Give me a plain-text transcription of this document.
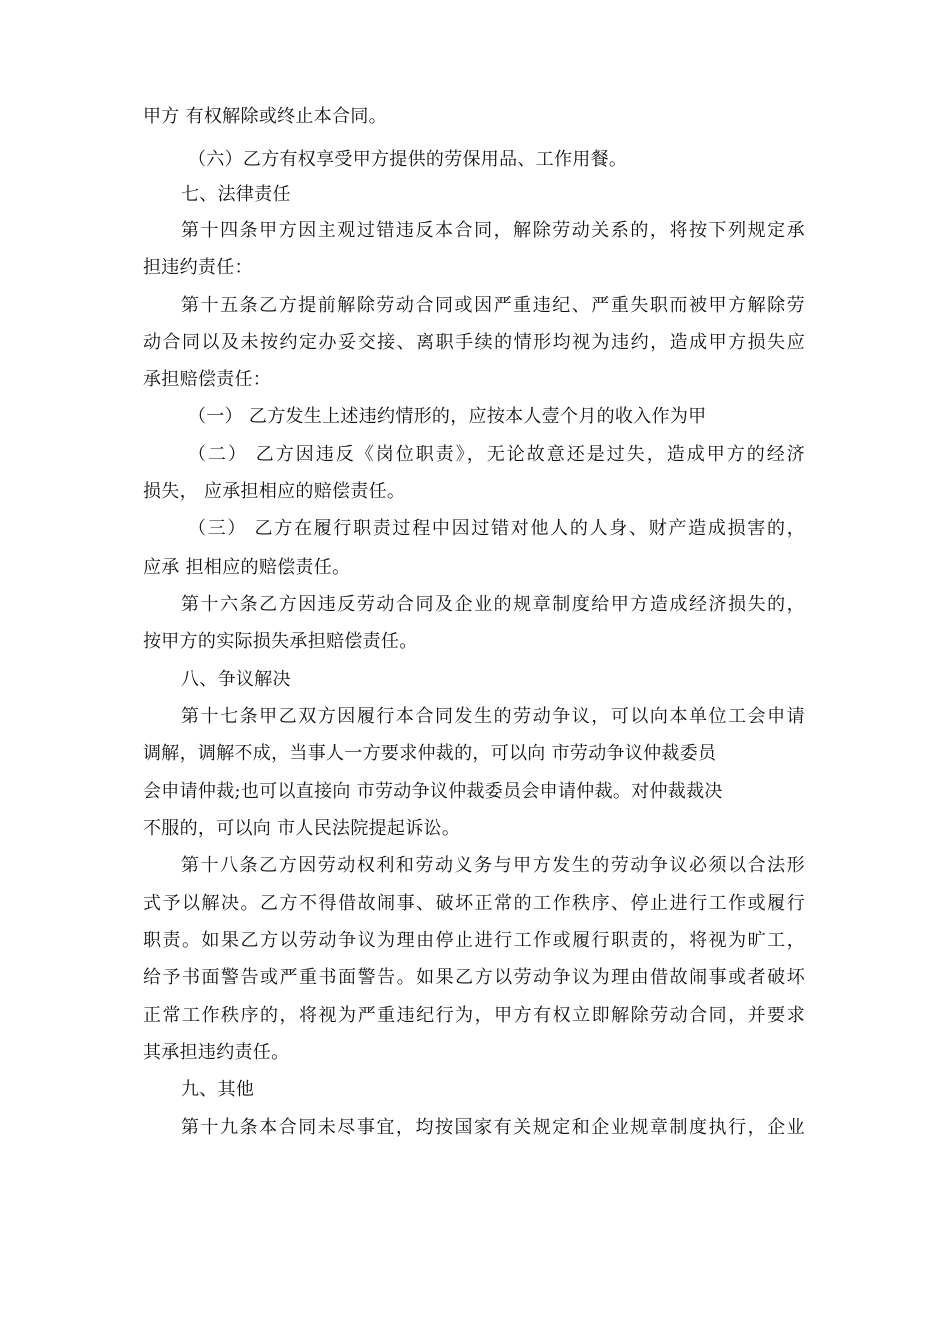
甲方 有权解除或终止本合同。
（六）乙方有权享受甲方提供的劳保用品、工作用餐。
七、法律责任
第十四条甲方因主观过错违反本合同，解除劳动关系的，将按下列规定承
担违约责任：
第十五条乙方提前解除劳动合同或因严重违纪、严重失职而被甲方解除劳
动合同以及未按约定办妥交接、离职手续的情形均视为违约，造成甲方损失应
承担赔偿责任：
（一） 乙方发生上述违约情形的，应按本人壹个月的收入作为甲
（二） 乙方因违反《岗位职责》，无论故意还是过失，造成甲方的经济
损失， 应承担相应的赔偿责任。
（三） 乙方在履行职责过程中因过错对他人的人身、财产造成损害的，
应承 担相应的赔偿责任。
第十六条乙方因违反劳动合同及企业的规章制度给甲方造成经济损失的，
按甲方的实际损失承担赔偿责任。
八、争议解决
第十七条甲乙双方因履行本合同发生的劳动争议，可以向本单位工会申请
调解，调解不成，当事人一方要求仲裁的，可以向 市劳动争议仲裁委员
会申请仲裁;也可以直接向 市劳动争议仲裁委员会申请仲裁。对仲裁裁决
不服的，可以向 市人民法院提起诉讼。
第十八条乙方因劳动权利和劳动义务与甲方发生的劳动争议必须以合法形
式予以解决。乙方不得借故闹事、破坏正常的工作秩序、停止进行工作或履行
职责。如果乙方以劳动争议为理由停止进行工作或履行职责的，将视为旷工，
给予书面警告或严重书面警告。如果乙方以劳动争议为理由借故闹事或者破坏
正常工作秩序的，将视为严重违纪行为，甲方有权立即解除劳动合同，并要求
其承担违约责任。
九、其他
第十九条本合同未尽事宜，均按国家有关规定和企业规章制度执行，企业
